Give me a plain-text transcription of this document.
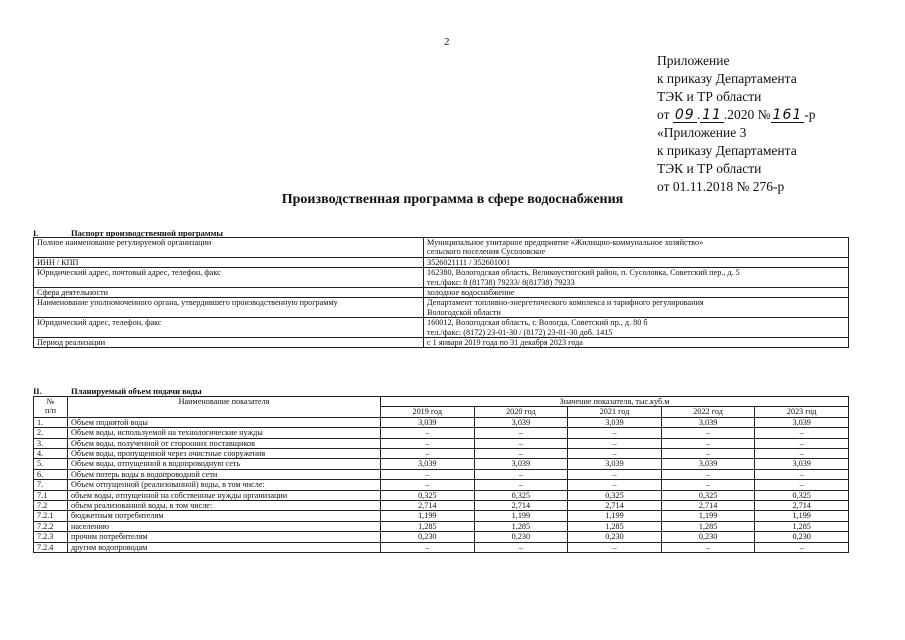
2
Приложение
к приказу Департамента
ТЭК и ТР области
от 09 . 11 .2020 № 161 -р
«Приложение 3
к приказу Департамента
ТЭК и ТР области
от 01.11.2018 № 276-р
Производственная программа в сфере водоснабжения
I.	Паспорт производственной программы
Полное наименование регулируемой организации	Муниципальное унитарное предприятие «Жилищно-коммунальное хозяйство»
сельского поселения Сусоловское

ИНН / КПП	3526021111 / 352601001

Юридический адрес, почтовый адрес, телефон, факс	162380, Вологодская область, Великоустюгский район, п. Сусоловка, Советский пер., д. 5
тел./факс: 8 (81738) 79233/ 8(81738) 79233

Сфера деятельности	холодное водоснабжение

Наименование уполномоченного органа, утвердившего производственную программу	Департамент топливно-энергетического комплекса и тарифного регулирования
Вологодской области

Юридический адрес, телефон, факс	160012, Вологодская область, г. Вологда, Советский пр., д. 80 б
тел./факс: (8172) 23-01-30 / (8172) 23-01-30 доб. 1415

Период реализации	с 1 января 2019 года по 31 декабря 2023 года
II.	Планируемый объем подачи воды
№
п/п	Наименование показателя	Значение показателя, тыс.куб.м				
		2019 год	2020 год	2021 год	2022 год	2023 год
1.	Объем поднятой воды	3,039	3,039	3,039	3,039	3,039
2.	Объем воды, используемой на технологические нужды	–	–	–	–	–
3.	Объем воды, полученной от сторонних поставщиков	–	–	–	–	–
4.	Объем воды, пропущенной через очистные сооружения	–	–	–	–	–
5.	Объем воды, отпущенной в водопроводную сеть	3,039	3,039	3,039	3,039	3,039
6.	Объем потерь воды в водопроводной сети	–	–	–	–	–
7.	Объем отпущенной (реализованной) воды, в том числе:	–	–	–	–	–
7.1	объем воды, отпущенной на собственные нужды организации	0,325	0,325	0,325	0,325	0,325
7.2	объем реализованной воды, в том числе:	2,714	2,714	2,714	2,714	2,714
7.2.1	бюджетным потребителям	1,199	1,199	1,199	1,199	1,199
7.2.2	населению	1,285	1,285	1,285	1,285	1,285
7.2.3	прочим потребителям	0,230	0,230	0,230	0,230	0,230
7.2.4	другим водопроводам	–	–	–	–	–
